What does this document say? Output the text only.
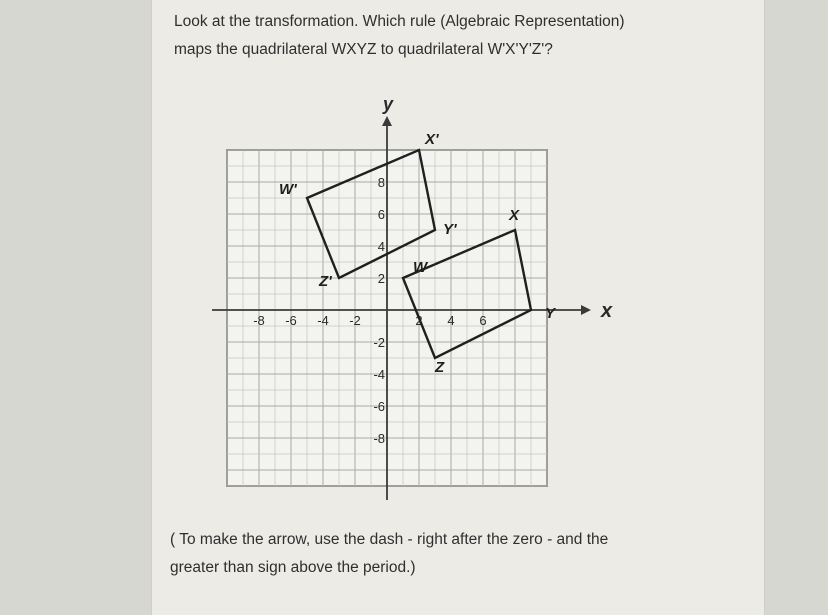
Look at the transformation. Which rule (Algebraic Representation)
maps the quadrilateral WXYZ to quadrilateral W'X'Y'Z'?
x
y
-8 -6 -4 -2	2 4 6
8
6
4
2
-2
-4
-6
-8
W
X
Y
Z
W'
X'
Y'
Z'
( To make the arrow, use the dash - right after the zero - and the
greater than sign above the period.)
